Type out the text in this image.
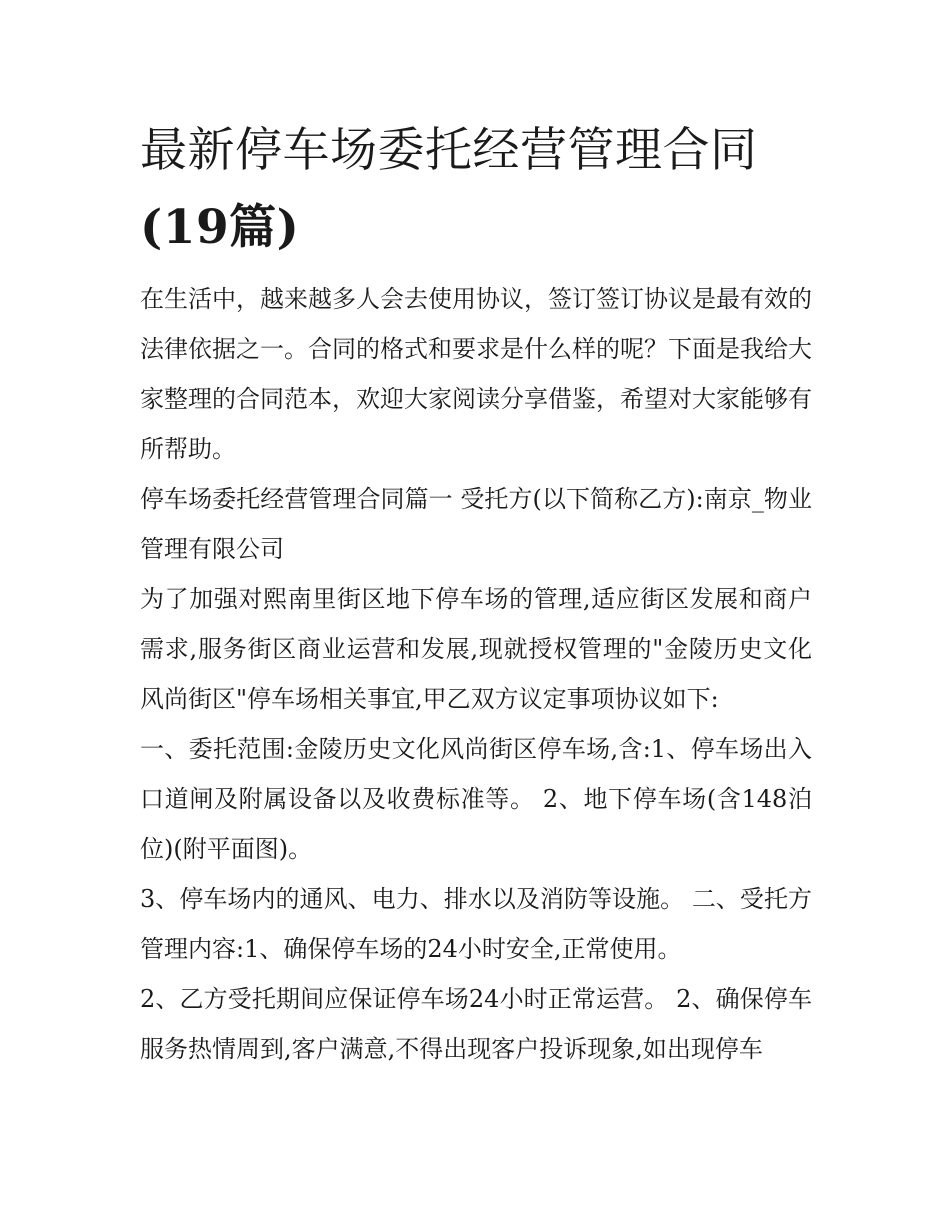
最新停车场委托经营管理合同
(19篇)

在生活中，越来越多人会去使用协议，签订签订协议是最有效的法律依据之一。合同的格式和要求是什么样的呢？下面是我给大家整理的合同范本，欢迎大家阅读分享借鉴，希望对大家能够有所帮助。

停车场委托经营管理合同篇一 受托方(以下简称乙方):南京_物业管理有限公司

为了加强对熙南里街区地下停车场的管理,适应街区发展和商户需求,服务街区商业运营和发展,现就授权管理的"金陵历史文化风尚街区"停车场相关事宜,甲乙双方议定事项协议如下:

一、委托范围:金陵历史文化风尚街区停车场,含:1、停车场出入口道闸及附属设备以及收费标准等。 2、地下停车场(含148泊位)(附平面图)。

3、停车场内的通风、电力、排水以及消防等设施。 二、受托方管理内容:1、确保停车场的24小时安全,正常使用。

2、乙方受托期间应保证停车场24小时正常运营。 2、确保停车服务热情周到,客户满意,不得出现客户投诉现象,如出现停车
